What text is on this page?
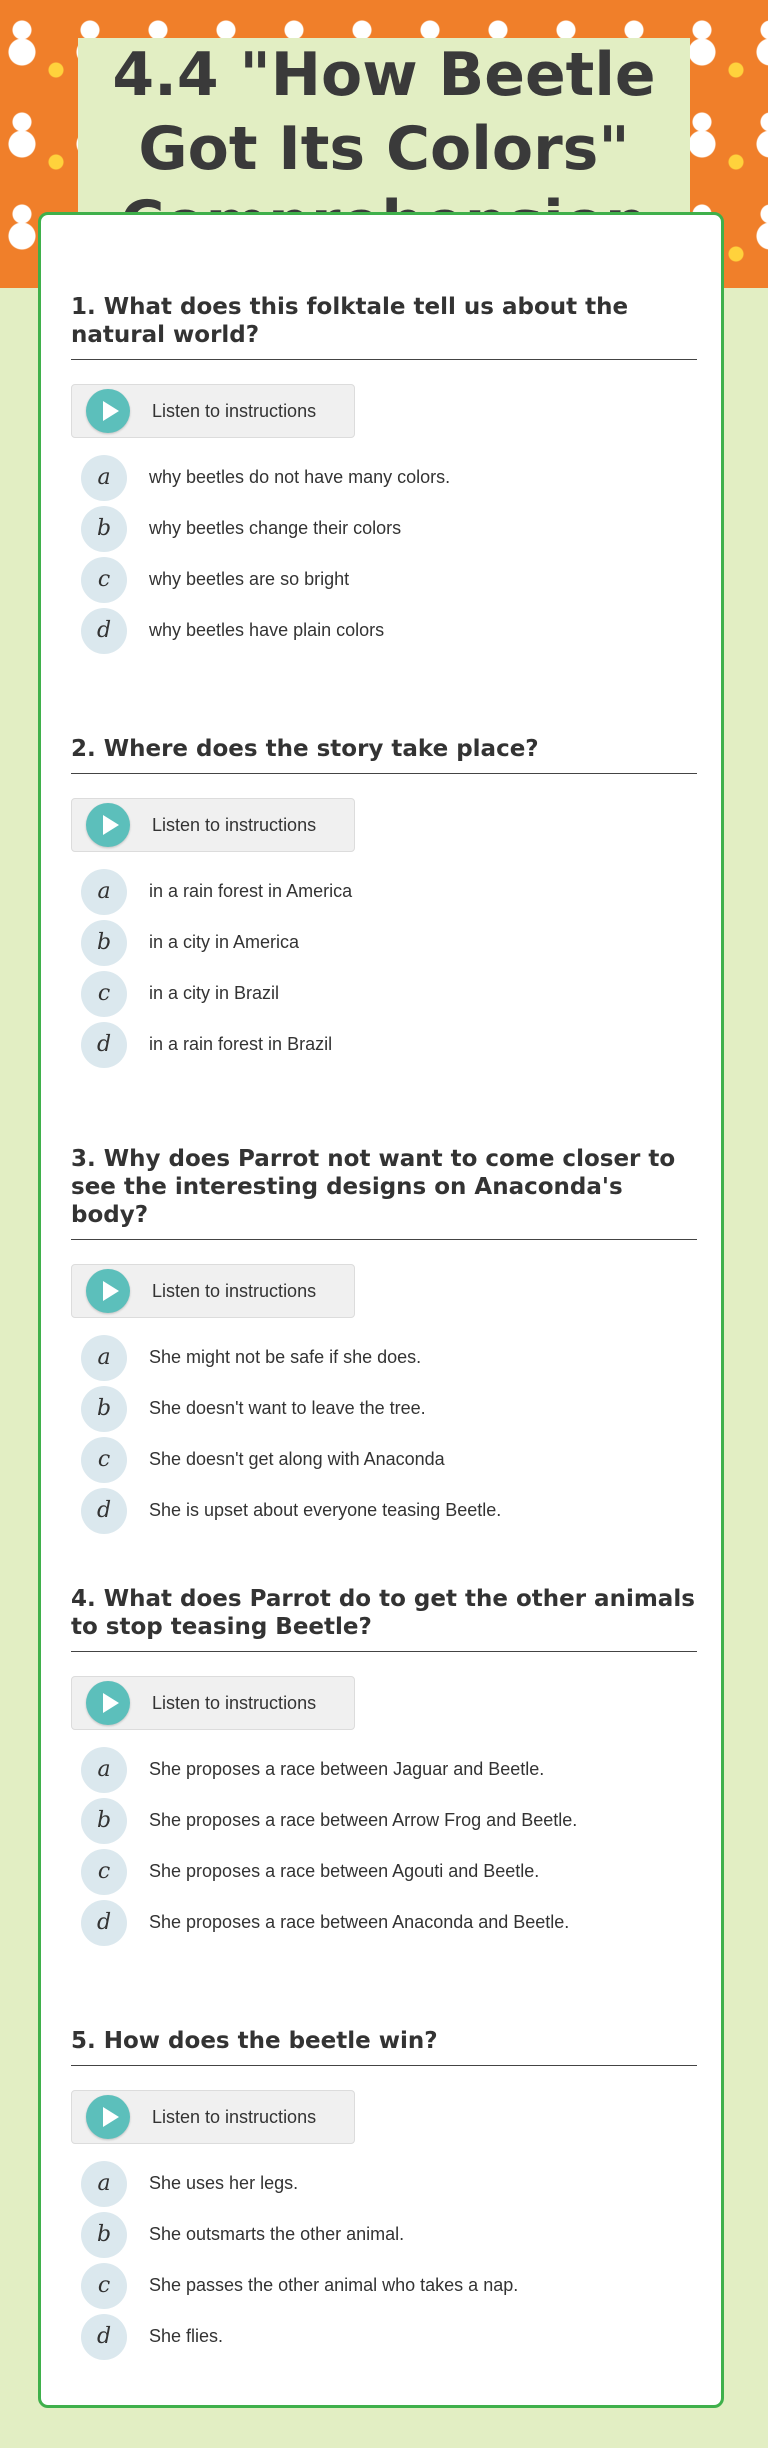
4.4 "How Beetle Got Its Colors"
1. What does this folktale tell us about the natural world?
Listen to instructions
a	why beetles do not have many colors.
b	why beetles change their colors
c	why beetles are so bright
d	why beetles have plain colors
2. Where does the story take place?
Listen to instructions
a	in a rain forest in America
b	in a city in America
c	in a city in Brazil
d	in a rain forest in Brazil
3. Why does Parrot not want to come closer to see the interesting designs on Anaconda's body?
Listen to instructions
a	She might not be safe if she does.
b	She doesn't want to leave the tree.
c	She doesn't get along with Anaconda
d	She is upset about everyone teasing Beetle.
4. What does Parrot do to get the other animals to stop teasing Beetle?
Listen to instructions
a	She proposes a race between Jaguar and Beetle.
b	She proposes a race between Arrow Frog and Beetle.
c	She proposes a race between Agouti and Beetle.
d	She proposes a race between Anaconda and Beetle.
5. How does the beetle win?
Listen to instructions
a	She uses her legs.
b	She outsmarts the other animal.
c	She passes the other animal who takes a nap.
d	She flies.
